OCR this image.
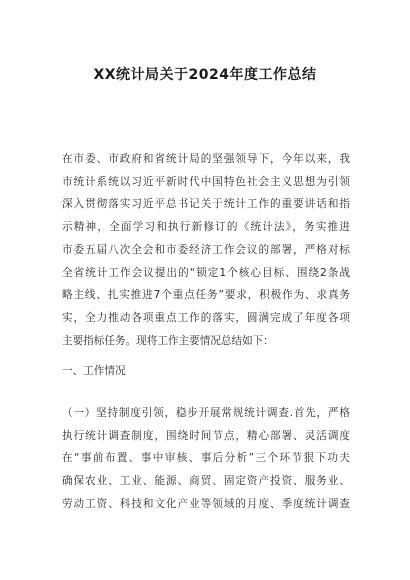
XX统计局关于2024年度工作总结
在市委、市政府和省统计局的坚强领导下，今年以来，我
市统计系统以习近平新时代中国特色社会主义思想为引领
深入贯彻落实习近平总书记关于统计工作的重要讲话和指
示精神，全面学习和执行新修订的《统计法》，务实推进
市委五届八次全会和市委经济工作会议的部署，严格对标
全省统计工作会议提出的“锁定1个核心目标、围绕2条战
略主线、扎实推进7个重点任务”要求，积极作为、求真务
实，全力推动各项重点工作的落实，圆满完成了年度各项
主要指标任务。现将工作主要情况总结如下：
一、工作情况
（一）坚持制度引领，稳步开展常规统计调查.首先，严格
执行统计调查制度，围绕时间节点，精心部署、灵活调度
在“事前布置、事中审核、事后分析”三个环节狠下功夫
确保农业、工业、能源、商贸、固定资产投资、服务业、
劳动工资、科技和文化产业等领域的月度、季度统计调查
